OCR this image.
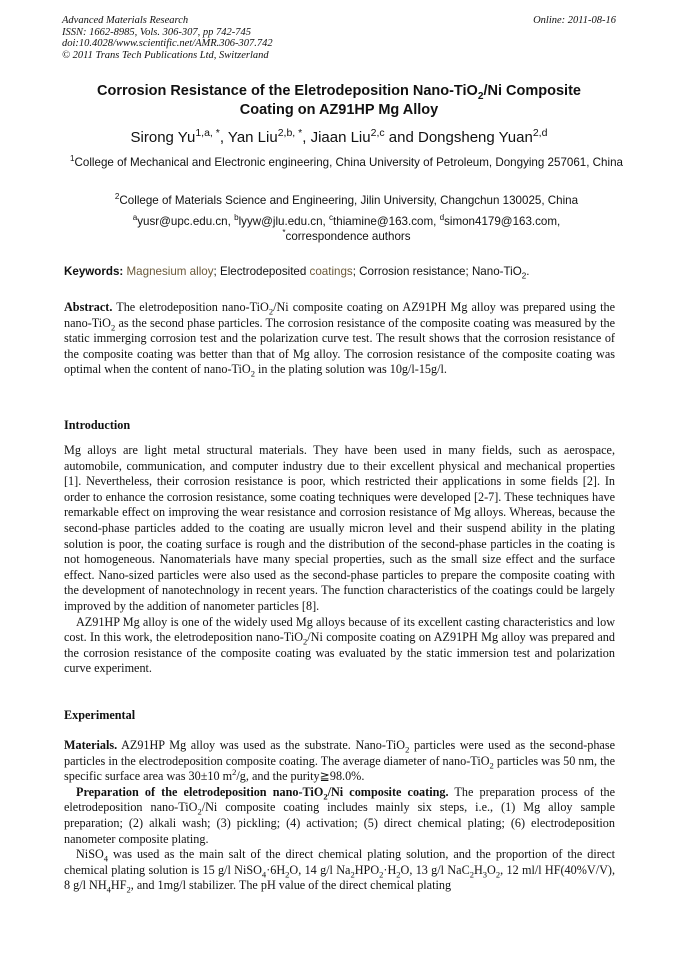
Advanced Materials Research
ISSN: 1662-8985, Vols. 306-307, pp 742-745
doi:10.4028/www.scientific.net/AMR.306-307.742
© 2011 Trans Tech Publications Ltd, Switzerland
Online: 2011-08-16
Corrosion Resistance of the Eletrodeposition Nano-TiO$_2$/Ni Composite
Coating on AZ91HP Mg Alloy
Sirong $Yu^{1,a, *}$, Yan Liu$^{2,b, *}$, Jiaan Liu$^{2,c}$ and Dongsheng Yuan$^{2,d}$
$^1$College of Mechanical and Electronic engineering, China University of Petroleum, Dongying 257061, China
$^2$College of Materials Science and Engineering, Jilin University, Changchun 130025, China
$^a$yusr@upc.edu.cn, $^b$lyyw@jlu.edu.cn, $^c$thiamine@163.com, $^d$simon4179@163.com,
*correspondence authors
Keywords: Magnesium alloy; Electrodeposited coatings; Corrosion resistance; Nano-TiO$_2$.

Abstract. The eletrodeposition nano-TiO$_2$/Ni composite coating on AZ91PH Mg alloy was prepared using the nano-TiO$_2$ as the second phase particles. The corrosion resistance of the composite coating was measured by the static immerging corrosion test and the polarization curve test. The result shows that the corrosion resistance of the composite coating was better than that of Mg alloy. The corrosion resistance of the composite coating was optimal when the content of nano-TiO$_2$ in the plating solution was 10g/l-15g/l.

Introduction

Mg alloys are light metal structural materials. They have been used in many fields, such as aerospace, automobile, communication, and computer industry due to their excellent physical and mechanical properties [1]. Nevertheless, their corrosion resistance is poor, which restricted their applications in some fields [2]. In order to enhance the corrosion resistance, some coating techniques were developed [2-7]. These techniques have remarkable effect on improving the wear resistance and corrosion resistance of Mg alloys. Whereas, because the second-phase particles added to the coating are usually micron level and their suspend ability in the plating solution is poor, the coating surface is rough and the distribution of the second-phase particles in the coating is not homogeneous. Nanomaterials have many special properties, such as the small size effect and the surface effect. Nano-sized particles were also used as the second-phase particles to prepare the composite coating with the development of nanotechnology in recent years. The function characteristics of the coatings could be largely improved by the addition of nanometer particles [8].

AZ91HP Mg alloy is one of the widely used Mg alloys because of its excellent casting characteristics and low cost. In this work, the eletrodeposition nano-TiO$_2$/Ni composite coating on AZ91PH Mg alloy was prepared and the corrosion resistance of the composite coating was evaluated by the static immersion test and polarization curve experiment.

Experimental

Materials. AZ91HP Mg alloy was used as the substrate. Nano-TiO$_2$ particles were used as the second-phase particles in the electrodeposition composite coating. The average diameter of nano-TiO$_2$ particles was 50 nm, the specific surface area was 30±10 $m^2/g$, and the purity≧98.0%.

Preparation of the eletrodeposition nano-TiO$_2$/Ni composite coating. The preparation process of the eletrodeposition nano-TiO$_2$/Ni composite coating includes mainly six steps, i.e., (1) Mg alloy sample preparation; (2) alkali wash; (3) pickling; (4) activation; (5) direct chemical plating; (6) electrodeposition nanometer composite plating.

NiSO$_4$ was used as the main salt of the direct chemical plating solution, and the proportion of the direct chemical plating solution is 15 g/l $NiSO_4\cdot 6H_2O$, 14 g/l $Na_2HPO_2\cdot H_2O$, 13 g/l $NaC_2H_3O_2$, 12 ml/l HF(40%V/V), 8 g/l $NH_4HF_2$, and 1mg/l stabilizer. The pH value of the direct chemical plating
